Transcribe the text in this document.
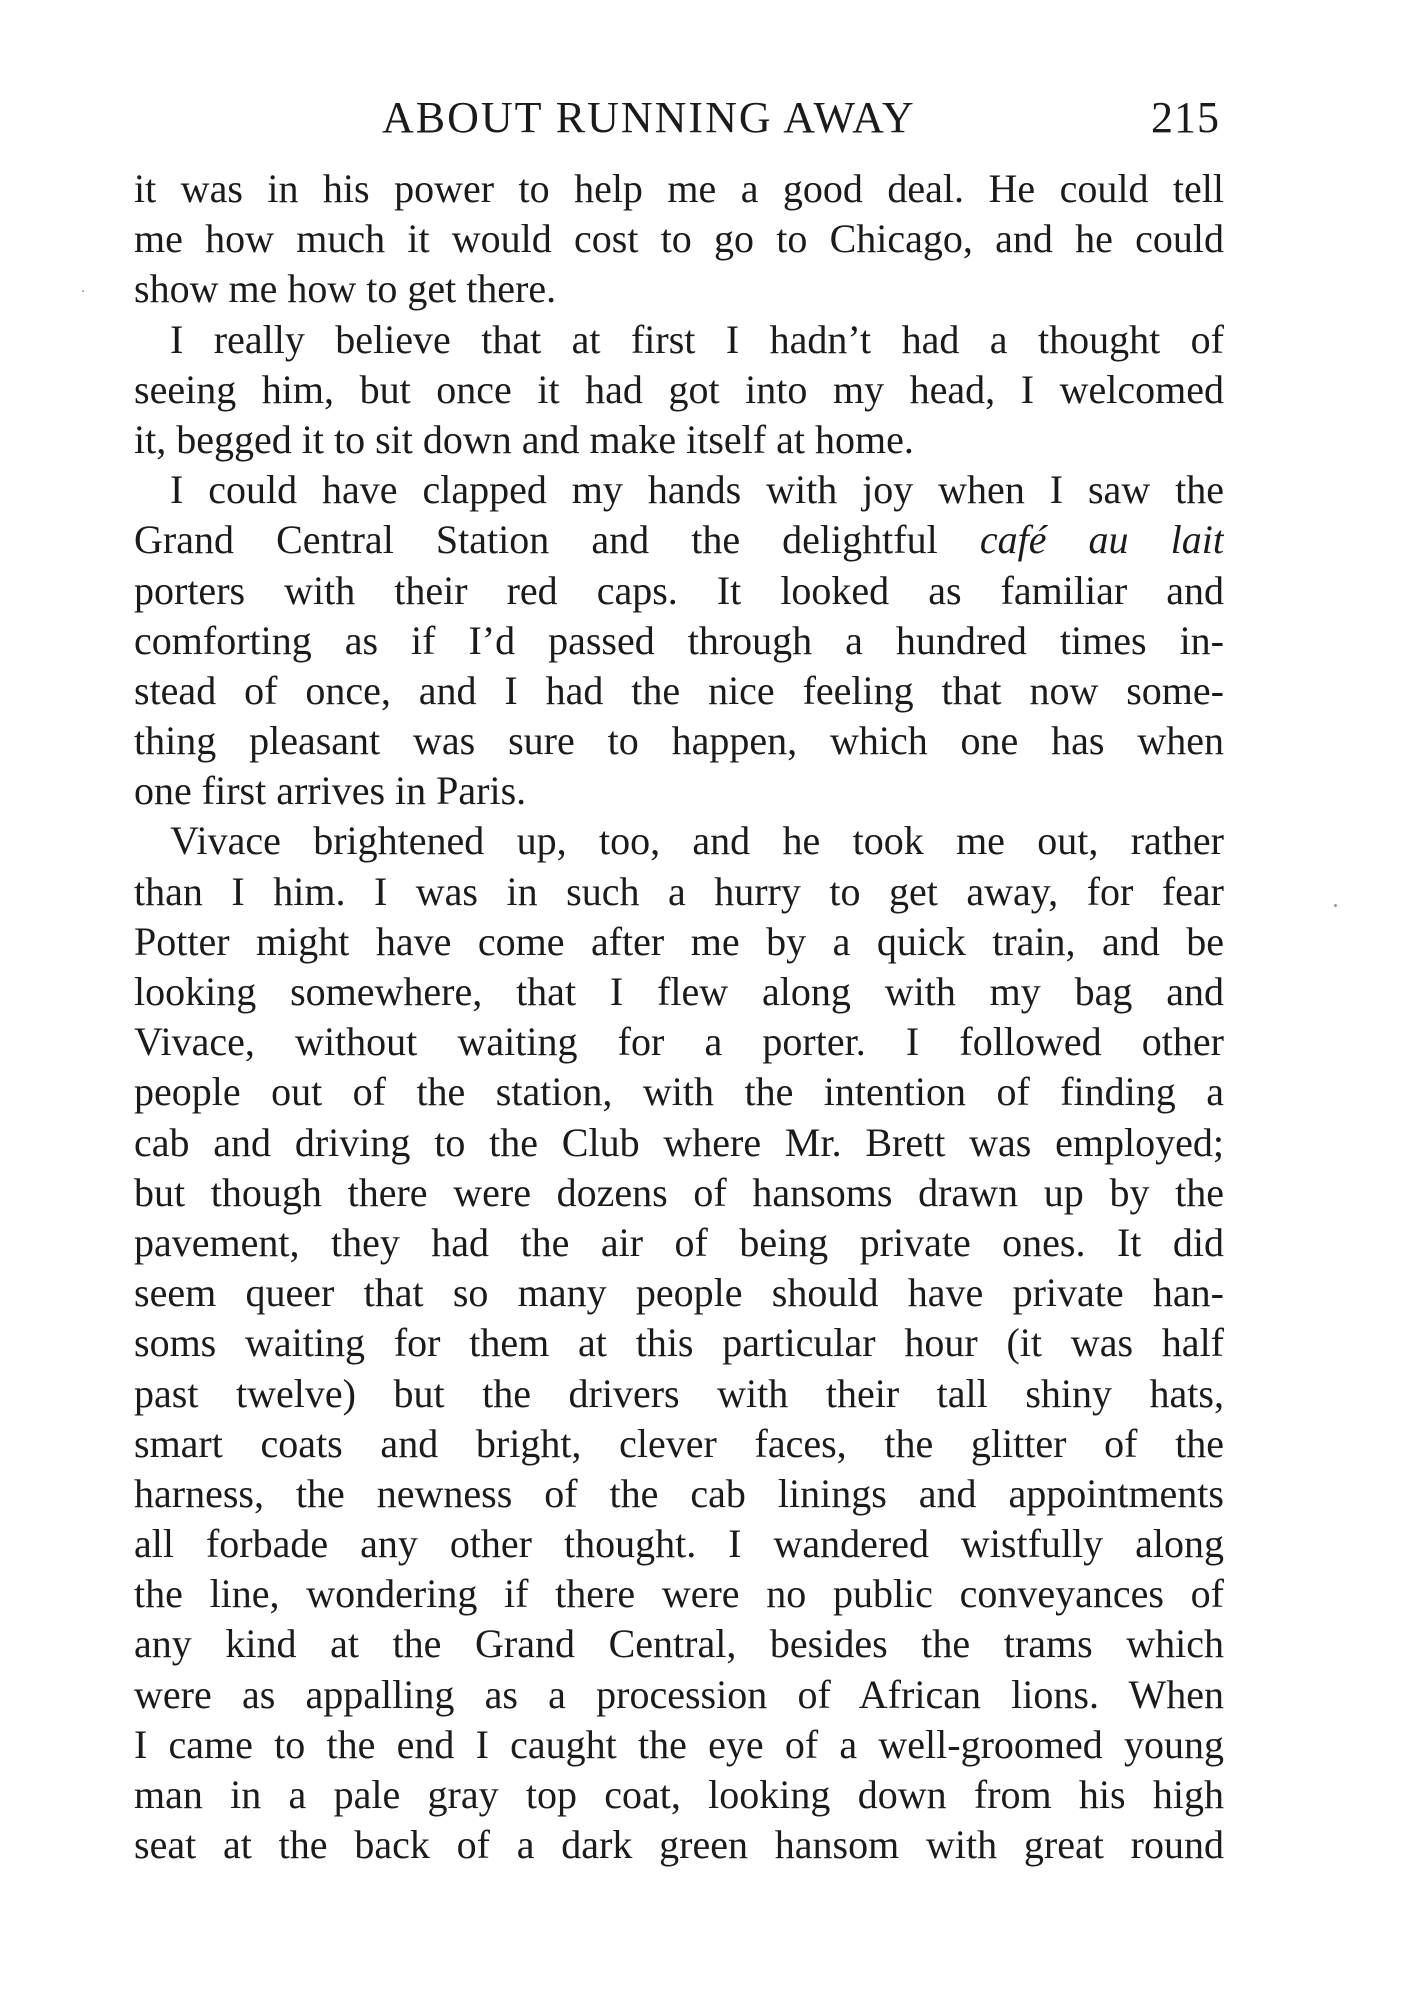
ABOUT RUNNING AWAY	215
it was in his power to help me a good deal. He could tell
me how much it would cost to go to Chicago, and he could
show me how to get there.
I really believe that at first I hadn’t had a thought of
seeing him, but once it had got into my head, I welcomed
it, begged it to sit down and make itself at home.
I could have clapped my hands with joy when I saw the
Grand Central Station and the delightful café au lait
porters with their red caps. It looked as familiar and
comforting as if I’d passed through a hundred times in-
stead of once, and I had the nice feeling that now some-
thing pleasant was sure to happen, which one has when
one first arrives in Paris.
Vivace brightened up, too, and he took me out, rather
than I him. I was in such a hurry to get away, for fear
Potter might have come after me by a quick train, and be
looking somewhere, that I flew along with my bag and
Vivace, without waiting for a porter. I followed other
people out of the station, with the intention of finding a
cab and driving to the Club where Mr. Brett was employed;
but though there were dozens of hansoms drawn up by the
pavement, they had the air of being private ones. It did
seem queer that so many people should have private han-
soms waiting for them at this particular hour (it was half
past twelve) but the drivers with their tall shiny hats,
smart coats and bright, clever faces, the glitter of the
harness, the newness of the cab linings and appointments
all forbade any other thought. I wandered wistfully along
the line, wondering if there were no public conveyances of
any kind at the Grand Central, besides the trams which
were as appalling as a procession of African lions. When
I came to the end I caught the eye of a well-groomed young
man in a pale gray top coat, looking down from his high
seat at the back of a dark green hansom with great round
